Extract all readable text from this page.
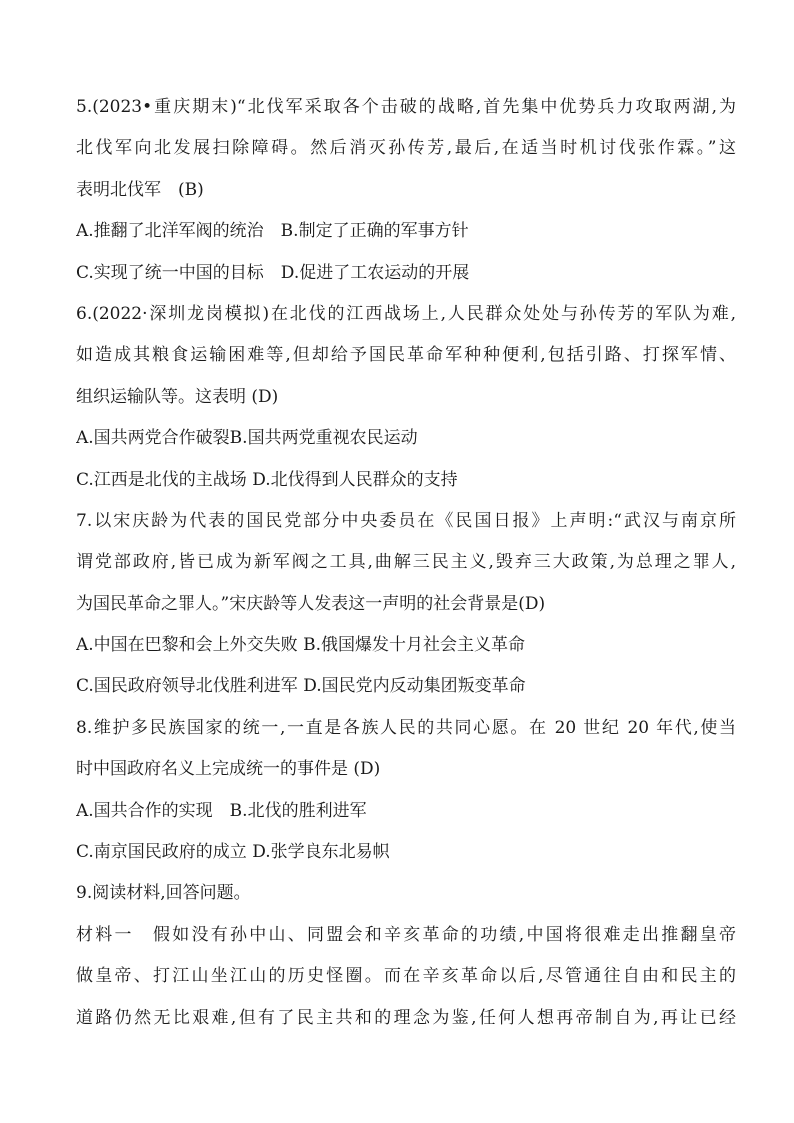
5.(2023•重庆期末)“北伐军采取各个击破的战略,首先集中优势兵力攻取两湖,为
北伐军向北发展扫除障碍。然后消灭孙传芳,最后,在适当时机讨伐张作霖。”这
表明北伐军　(B)
A.推翻了北洋军阀的统治　B.制定了正确的军事方针
C.实现了统一中国的目标　D.促进了工农运动的开展
6.(2022·深圳龙岗模拟)在北伐的江西战场上,人民群众处处与孙传芳的军队为难,
如造成其粮食运输困难等,但却给予国民革命军种种便利,包括引路、打探军情、
组织运输队等。这表明 (D)
A.国共两党合作破裂B.国共两党重视农民运动
C.江西是北伐的主战场 D.北伐得到人民群众的支持
7.以宋庆龄为代表的国民党部分中央委员在《民国日报》上声明:“武汉与南京所
谓党部政府,皆已成为新军阀之工具,曲解三民主义,毁弃三大政策,为总理之罪人,
为国民革命之罪人。”宋庆龄等人发表这一声明的社会背景是(D)
A.中国在巴黎和会上外交失败 B.俄国爆发十月社会主义革命
C.国民政府领导北伐胜利进军 D.国民党内反动集团叛变革命
8.维护多民族国家的统一,一直是各族人民的共同心愿。在 20 世纪 20 年代,使当
时中国政府名义上完成统一的事件是 (D)
A.国共合作的实现　B.北伐的胜利进军
C.南京国民政府的成立 D.张学良东北易帜
9.阅读材料,回答问题。
材料一　假如没有孙中山、同盟会和辛亥革命的功绩,中国将很难走出推翻皇帝
做皇帝、打江山坐江山的历史怪圈。而在辛亥革命以后,尽管通往自由和民主的
道路仍然无比艰难,但有了民主共和的理念为鉴,任何人想再帝制自为,再让已经
